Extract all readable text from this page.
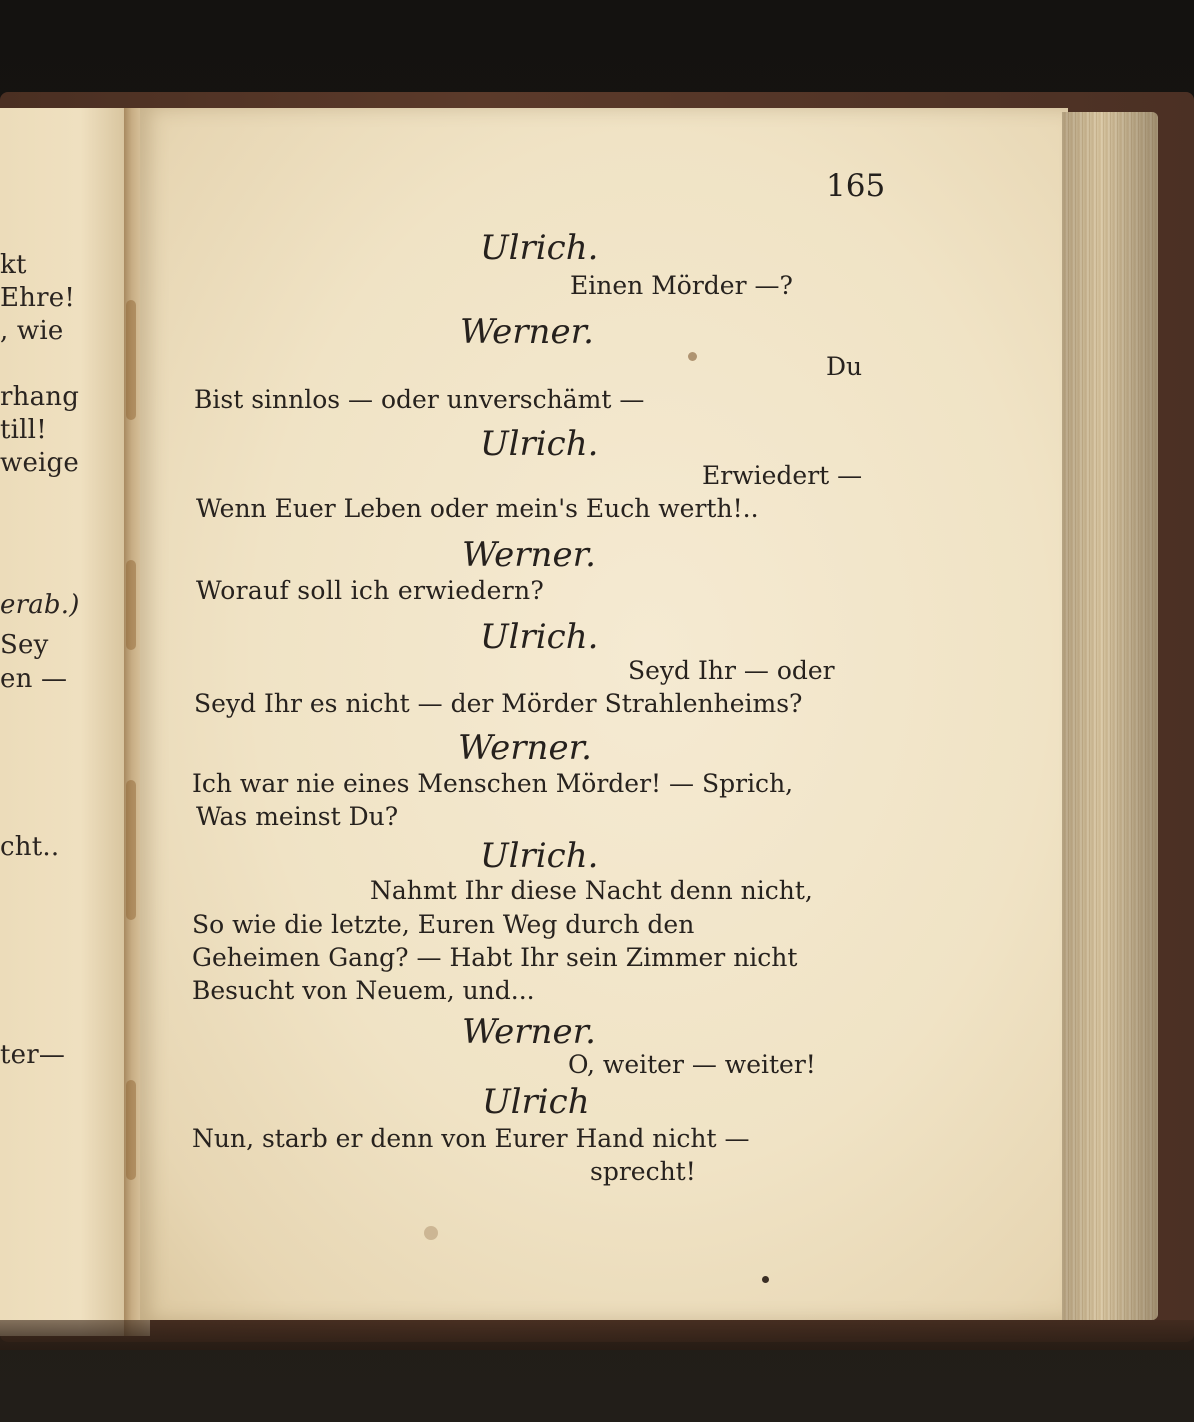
kt
Ehre!
, wie
rhang
till!
weige
erab.)
Sey
en —
cht..
ter—
165
Ulrich.
Einen Mörder —?
Werner.
Du
Bist sinnlos — oder unverschämt —
Ulrich.
Erwiedert —
Wenn Euer Leben oder mein's Euch werth!..
Werner.
Worauf soll ich erwiedern?
Ulrich.
Seyd Ihr — oder
Seyd Ihr es nicht — der Mörder Strahlenheims?
Werner.
Ich war nie eines Menschen Mörder! — Sprich,
Was meinst Du?
Ulrich.
Nahmt Ihr diese Nacht denn nicht,
So wie die letzte, Euren Weg durch den
Geheimen Gang? — Habt Ihr sein Zimmer nicht
Besucht von Neuem, und...
Werner.
O, weiter — weiter!
Ulrich
Nun, starb er denn von Eurer Hand nicht —
sprecht!
